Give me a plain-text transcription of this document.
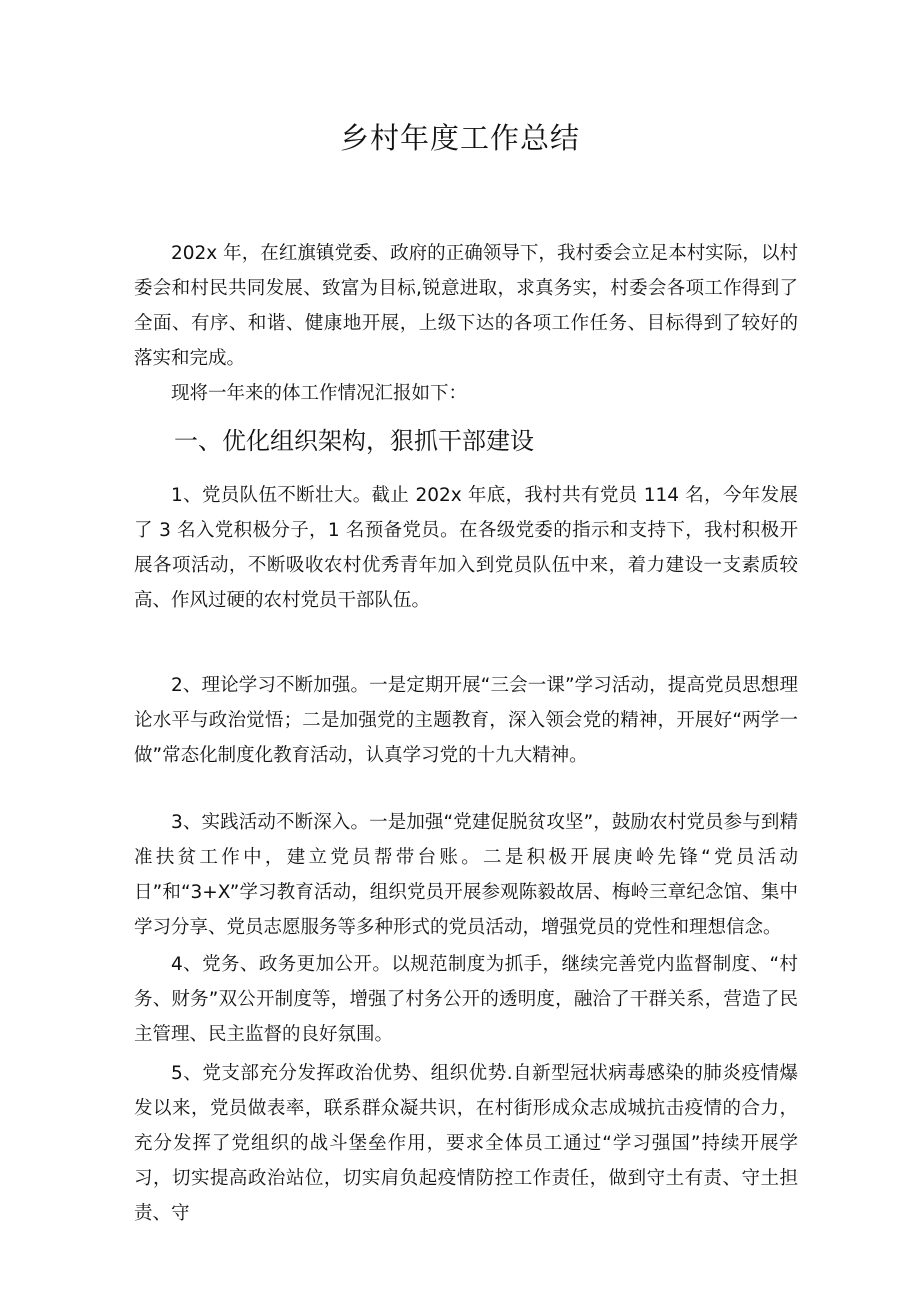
乡村年度工作总结

202x 年，在红旗镇党委、政府的正确领导下，我村委会立足本村实际，以村委会和村民共同发展、致富为目标,锐意进取，求真务实，村委会各项工作得到了全面、有序、和谐、健康地开展，上级下达的各项工作任务、目标得到了较好的落实和完成。

现将一年来的体工作情况汇报如下：

一、优化组织架构，狠抓干部建设

1、党员队伍不断壮大。截止 202x 年底，我村共有党员 114 名，今年发展了 3 名入党积极分子，1 名预备党员。在各级党委的指示和支持下，我村积极开展各项活动，不断吸收农村优秀青年加入到党员队伍中来，着力建设一支素质较高、作风过硬的农村党员干部队伍。

2、理论学习不断加强。一是定期开展“三会一课”学习活动，提高党员思想理论水平与政治觉悟；二是加强党的主题教育，深入领会党的精神，开展好“两学一做”常态化制度化教育活动，认真学习党的十九大精神。

3、实践活动不断深入。一是加强“党建促脱贫攻坚”，鼓励农村党员参与到精准扶贫工作中，建立党员帮带台账。二是积极开展庚岭先锋“党员活动日”和“3+X”学习教育活动，组织党员开展参观陈毅故居、梅岭三章纪念馆、集中学习分享、党员志愿服务等多种形式的党员活动，增强党员的党性和理想信念。

4、党务、政务更加公开。以规范制度为抓手，继续完善党内监督制度、“村务、财务”双公开制度等，增强了村务公开的透明度，融洽了干群关系，营造了民主管理、民主监督的良好氛围。

5、党支部充分发挥政治优势、组织优势.自新型冠状病毒感染的肺炎疫情爆发以来，党员做表率，联系群众凝共识，在村街形成众志成城抗击疫情的合力，充分发挥了党组织的战斗堡垒作用，要求全体员工通过“学习强国”持续开展学习，切实提高政治站位，切实肩负起疫情防控工作责任，做到守土有责、守土担责、守
